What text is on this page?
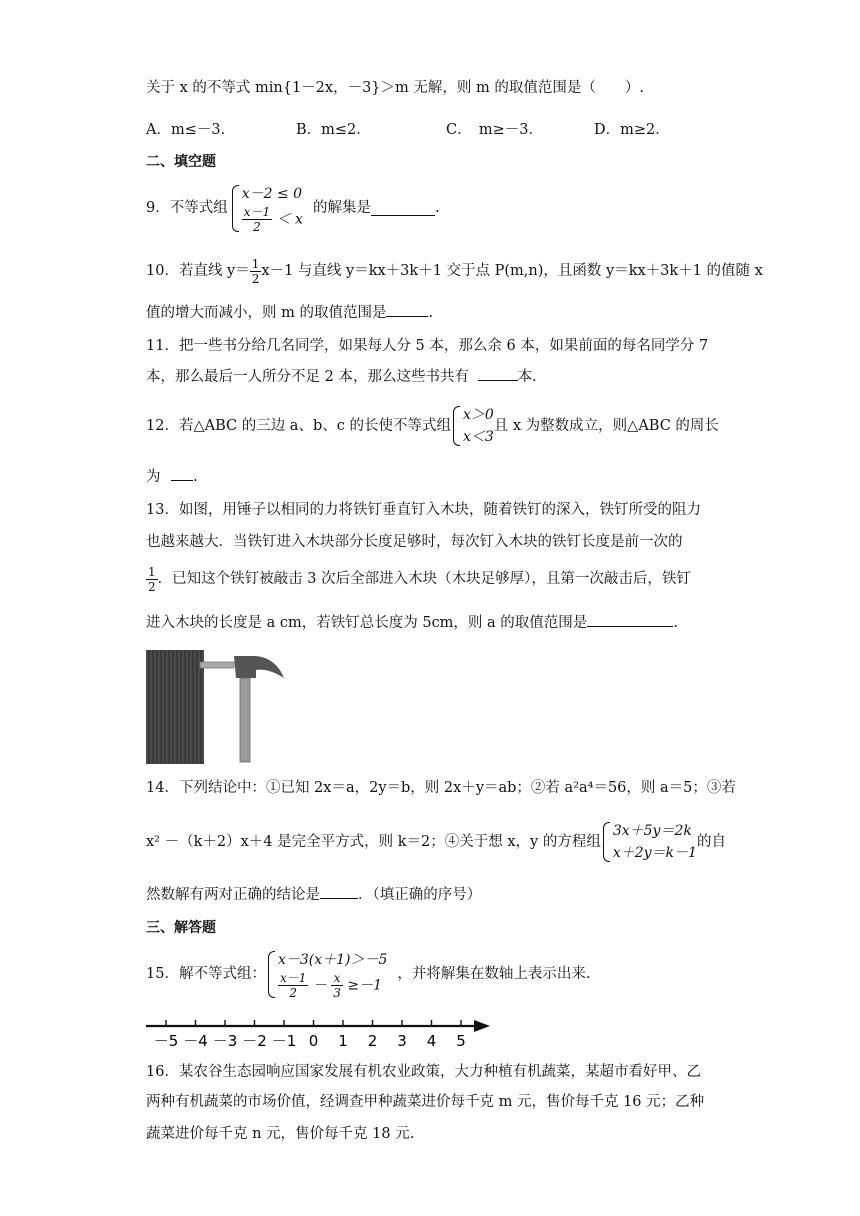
关于 x 的不等式 min{1－2x，－3}＞m 无解，则 m 的取值范围是（　　）.
A．m≤－3．	B．m≤2．	C．　m≥－3．	D．m≥2．
二、填空题
9．不等式组
x－2 ≤ 0
$\frac{x-1}{2} < x$
的解集是	.
10．若直线 $y= \frac{1}{2} x-1$ 与直线 y＝kx＋3k＋1 交于点 P(m,n)，且函数 y＝kx＋3k＋1 的值随 x
值的增大而减小，则 m 的取值范围是	.
11．把一些书分给几名同学，如果每人分 5 本，那么余 6 本，如果前面的每名同学分 7
本，那么最后一人所分不足 2 本，那么这些书共有	本.
12．若△ABC 的三边 a、b、c 的长使不等式组
x＞0
x＜3
且 x 为整数成立，则△ABC 的周长
为 .
13．如图，用锤子以相同的力将铁钉垂直钉入木块，随着铁钉的深入，铁钉所受的阻力
也越来越大．当铁钉进入木块部分长度足够时，每次钉入木块的铁钉长度是前一次的
$\frac{1}{2}$ ．已知这个铁钉被敲击 3 次后全部进入木块（木块足够厚），且第一次敲击后，铁钉
进入木块的长度是 a cm，若铁钉总长度为 5cm，则 a 的取值范围是	.
14．下列结论中：①已知 2x＝a，2y＝b，则 2x＋y＝ab；②若 a²a⁴＝56，则 a＝5；③若
x² －（k＋2）x＋4 是完全平方式，则 k＝2；④关于想 x，y 的方程组
3x＋5y＝2k
x＋2y＝k－1
的自
然数解有两对正确的结论是	．（填正确的序号）
三、解答题
15．解不等式组：
x－3(x＋1)＞－5
$\frac{x-1}{2} - \frac{x}{3} \ge-1$
，并将解集在数轴上表示出来.
－5 －4 －3 －2 －1 0 1 2 3 4 5
16．某农谷生态园响应国家发展有机农业政策，大力种植有机蔬菜，某超市看好甲、乙
两种有机蔬菜的市场价值，经调查甲种蔬菜进价每千克 m 元，售价每千克 16 元；乙种
蔬菜进价每千克 n 元，售价每千克 18 元.
